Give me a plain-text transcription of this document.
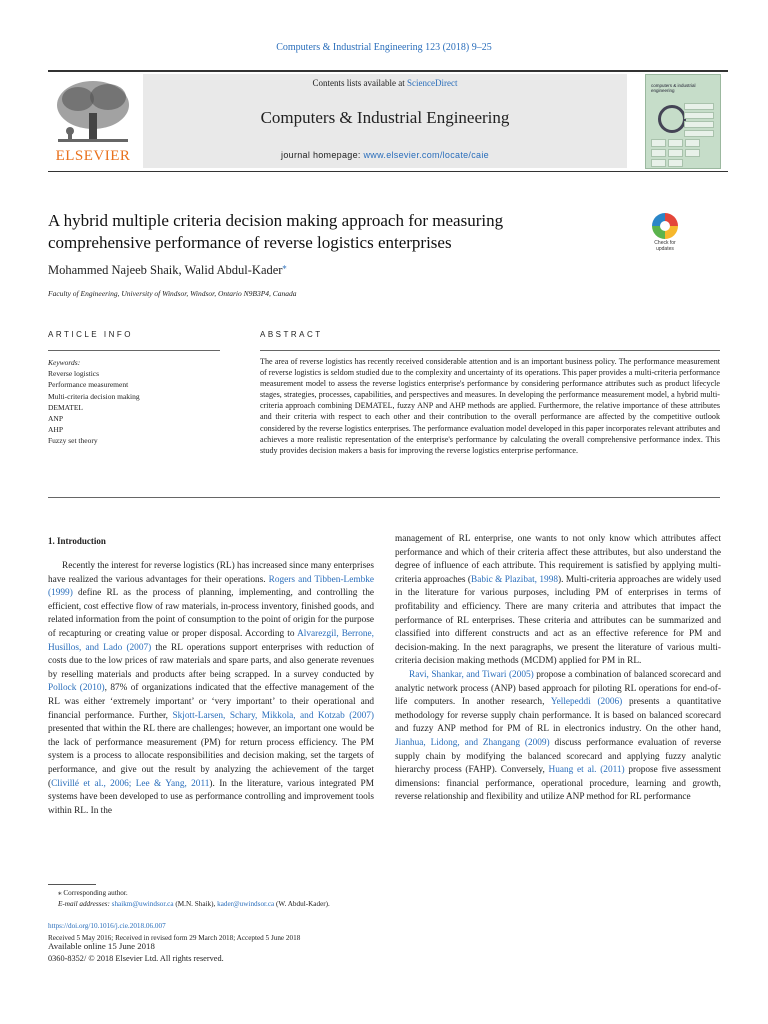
Computers & Industrial Engineering 123 (2018) 9–25
ELSEVIER
Contents lists available at ScienceDirect
Computers & Industrial Engineering
journal homepage: www.elsevier.com/locate/caie
computers & industrial engineering
A hybrid multiple criteria decision making approach for measuring
comprehensive performance of reverse logistics enterprises	Check for
updates
Mohammed Najeeb Shaik, Walid Abdul-Kader⁎
Faculty of Engineering, University of Windsor, Windsor, Ontario N9B3P4, Canada
ARTICLE INFO	ABSTRACT
Keywords:
Reverse logistics
Performance measurement
Multi-criteria decision making
DEMATEL
ANP
AHP
Fuzzy set theory
The area of reverse logistics has recently received considerable attention and is an important business policy. The performance measurement of reverse logistics is seldom studied due to the complexity and uncertainty of its operations. This paper provides a multi-criteria performance measurement model to assess the reverse logistics enterprise's performance by considering performance attributes such as product lifecycle stages, strategies, processes, capabilities, and perspectives and measures. In developing the performance measurement model, a hybrid multi-criteria approach combining DEMATEL, fuzzy ANP and AHP methods are applied. Furthermore, the relative importance of these attributes and their criteria with respect to each other and their contribution to the overall performance are affected by the competitive outlook considered by the reverse logistics enterprises. The performance evaluation model developed in this paper incorporates relevant attributes and achieves a more realistic representation of the enterprise's performance by calculating the overall comprehensive performance index. This study provides decision makers a basis for improving the reverse logistics enterprise performance.
1. Introduction

Recently the interest for reverse logistics (RL) has increased since many enterprises have realized the various advantages for their operations. Rogers and Tibben-Lembke (1999) define RL as the process of planning, implementing, and controlling the efficient, cost effective flow of raw materials, in-process inventory, finished goods, and related information from the point of consumption to the point of origin for the purpose of recapturing or creating value or proper disposal. According to Alvarezgil, Berrone, Husillos, and Lado (2007) the RL operations support enterprises with reduction of costs due to the low prices of raw materials and spare parts, and also generate revenues by reselling materials and products after being scrapped. In a survey conducted by Pollock (2010), 87% of organizations indicated that the effective management of the RL was either ‘extremely important’ or ‘very important’ to their operational and financial performance. Further, Skjott-Larsen, Schary, Mikkola, and Kotzab (2007) presented that within the RL there are challenges; however, an important one would be the lack of performance measurement (PM) for return process efficiency. The PM system is a process to allocate responsibilities and decision making, set the targets of performance, and give out the result by analyzing the achievement of the target (Clivillé et al., 2006; Lee & Yang, 2011). In the literature, various integrated PM systems have been developed to use as performance controlling and improvement tools within RL. In the

management of RL enterprise, one wants to not only know which attributes affect performance and which of their criteria affect these attributes, but also understand the degree of influence of each attribute. This requirement is satisfied by applying multi-criteria approaches (Babic & Plazibat, 1998). Multi-criteria approaches are widely used in the literature for various purposes, including PM of enterprises in terms of profitability and efficiency. There are many criteria and attributes that impact the performance of RL enterprises. These criteria and attributes can be summarized and classified into different constructs and act as an effective reference for PM and decision-making. In the next paragraphs, we present the literature of various multi-criteria decision making methods (MCDM) applied for PM in RL.

Ravi, Shankar, and Tiwari (2005) propose a combination of balanced scorecard and analytic network process (ANP) based approach for piloting RL operations for end-of-life computers. In another research, Yellepeddi (2006) presents a quantitative methodology for reverse supply chain performance. It is based on balanced scorecard and fuzzy ANP method for PM of RL in electronics industry. On the other hand, Jianhua, Lidong, and Zhangang (2009) discuss performance evaluation of reverse supply chain by modifying the balanced scorecard and applying fuzzy analytic hierarchy process (FAHP). Conversely, Huang et al. (2011) propose five assessment dimensions: financial performance, operational procedure, learning and growth, reverse relationship and flexibility and utilize ANP method for RL performance

⁎ Corresponding author.
E-mail addresses: shaikm@uwindsor.ca (M.N. Shaik), kader@uwindsor.ca (W. Abdul-Kader).
https://doi.org/10.1016/j.cie.2018.06.007
Received 5 May 2016; Received in revised form 29 March 2018; Accepted 5 June 2018
Available online 15 June 2018
0360-8352/ © 2018 Elsevier Ltd. All rights reserved.
